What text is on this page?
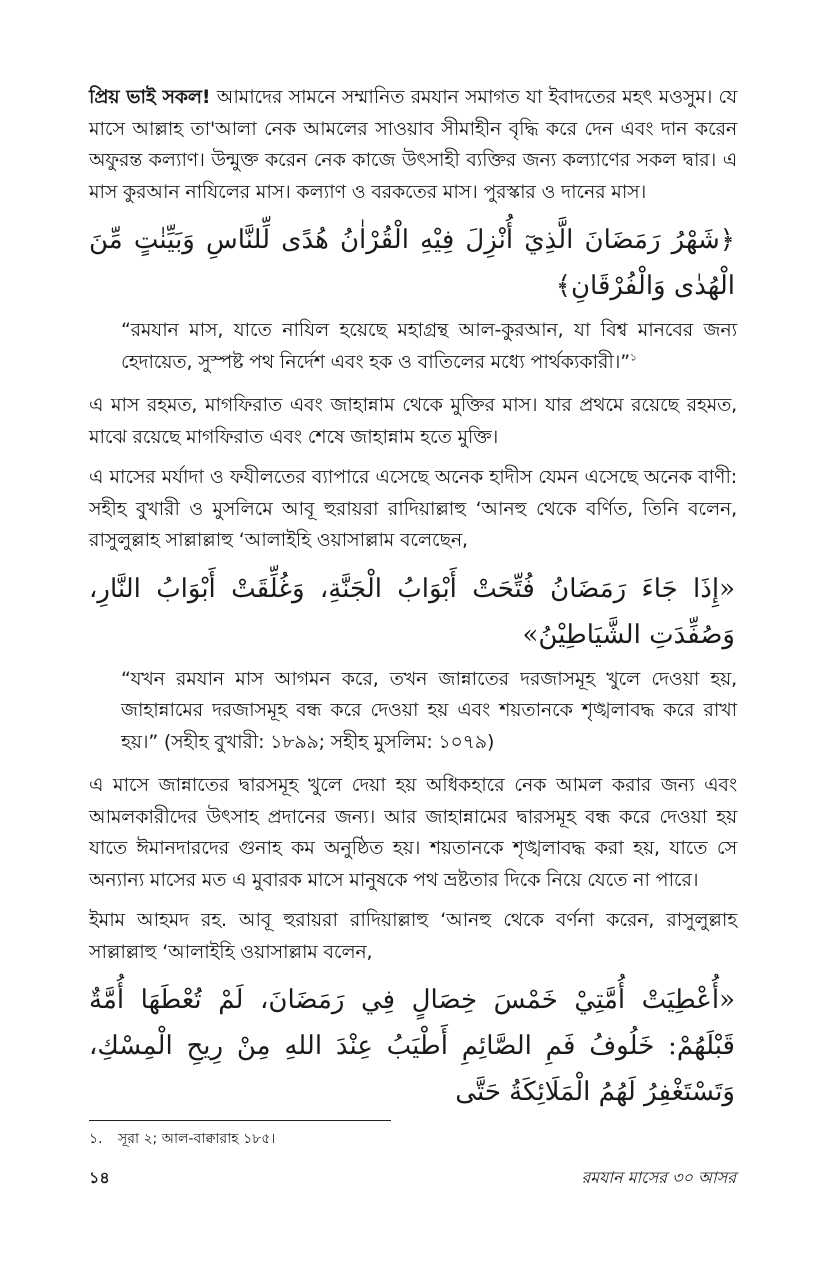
প্রিয় ভাই সকল! আমাদের সামনে সম্মানিত রমযান সমাগত যা ইবাদতের মহৎ মওসুম। যে মাসে আল্লাহ তা'আলা নেক আমলের সাওয়াব সীমাহীন বৃদ্ধি করে দেন এবং দান করেন অফুরন্ত কল্যাণ। উন্মুক্ত করেন নেক কাজে উৎসাহী ব্যক্তির জন্য কল্যাণের সকল দ্বার। এ মাস কুরআন নাযিলের মাস। কল্যাণ ও বরকতের মাস। পুরস্কার ও দানের মাস।

﴿شَهْرُ رَمَضَانَ الَّذِيٓ أُنْزِلَ فِيْهِ الْقُرْاٰنُ هُدًى لِّلنَّاسِ وَبَيِّنٰتٍ مِّنَ الْهُدٰى وَالْفُرْقَانِ﴾

“রমযান মাস, যাতে নাযিল হয়েছে মহাগ্রন্থ আল-কুরআন, যা বিশ্ব মানবের জন্য হেদায়েত, সুস্পষ্ট পথ নির্দেশ এবং হক ও বাতিলের মধ্যে পার্থক্যকারী।”$^১$

এ মাস রহমত, মাগফিরাত এবং জাহান্নাম থেকে মুক্তির মাস। যার প্রথমে রয়েছে রহমত, মাঝে রয়েছে মাগফিরাত এবং শেষে জাহান্নাম হতে মুক্তি।

এ মাসের মর্যাদা ও ফযীলতের ব্যাপারে এসেছে অনেক হাদীস যেমন এসেছে অনেক বাণী: সহীহ বুখারী ও মুসলিমে আবূ হুরায়রা রাদিয়াল্লাহু ‘আনহু থেকে বর্ণিত, তিনি বলেন, রাসুলুল্লাহ সাল্লাল্লাহু ‘আলাইহি ওয়াসাল্লাম বলেছেন,

«إِذَا جَاءَ رَمَضَانُ فُتِّحَتْ أَبْوَابُ الْجَنَّةِ، وَغُلِّقَتْ أَبْوَابُ النَّارِ، وَصُفِّدَتِ الشَّيَاطِيْنُ»

“যখন রমযান মাস আগমন করে, তখন জান্নাতের দরজাসমূহ খুলে দেওয়া হয়, জাহান্নামের দরজাসমূহ বন্ধ করে দেওয়া হয় এবং শয়তানকে শৃঙ্খলাবদ্ধ করে রাখা হয়।” (সহীহ বুখারী: ১৮৯৯; সহীহ মুসলিম: ১০৭৯)

এ মাসে জান্নাতের দ্বারসমূহ খুলে দেয়া হয় অধিকহারে নেক আমল করার জন্য এবং আমলকারীদের উৎসাহ প্রদানের জন্য। আর জাহান্নামের দ্বারসমূহ বন্ধ করে দেওয়া হয় যাতে ঈমানদারদের গুনাহ কম অনুষ্ঠিত হয়। শয়তানকে শৃঙ্খলাবদ্ধ করা হয়, যাতে সে অন্যান্য মাসের মত এ মুবারক মাসে মানুষকে পথ ভ্রষ্টতার দিকে নিয়ে যেতে না পারে।

ইমাম আহমদ রহ. আবূ হুরায়রা রাদিয়াল্লাহু ‘আনহু থেকে বর্ণনা করেন, রাসুলুল্লাহ সাল্লাল্লাহু ‘আলাইহি ওয়াসাল্লাম বলেন,

«أُعْطِيَتْ أُمَّتِيْ خَمْسَ خِصَالٍ فِي رَمَضَانَ، لَمْ تُعْطَهَا أُمَّةٌ قَبْلَهُمْ: خَلُوفُ فَمِ الصَّائِمِ أَطْيَبُ عِنْدَ اللهِ مِنْ رِيحِ الْمِسْكِ، وَتَسْتَغْفِرُ لَهُمُ الْمَلَائِكَةُ حَتَّى
১. সূরা ২; আল-বাক্বারাহ ১৮৫।
১৪	রমযান মাসের ৩০ আসর
